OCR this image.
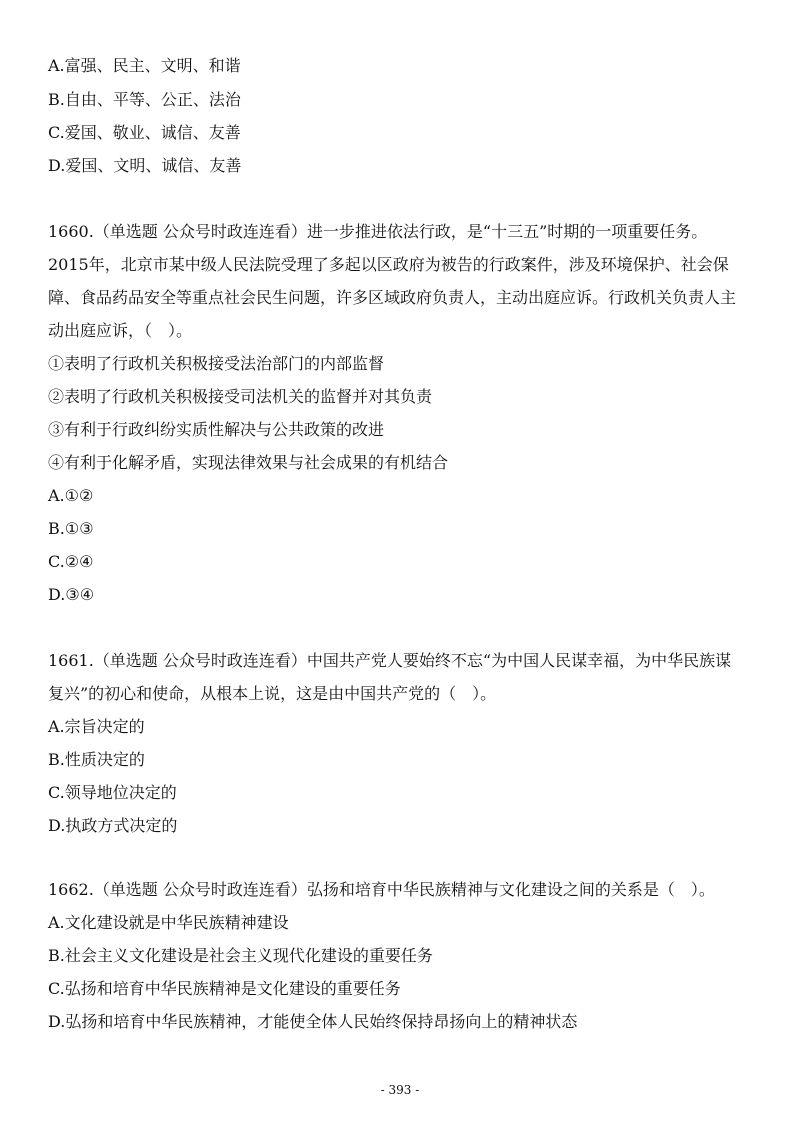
A.富强、民主、文明、和谐
B.自由、平等、公正、法治
C.爱国、敬业、诚信、友善
D.爱国、文明、诚信、友善
1660.（单选题 公众号时政连连看）进一步推进依法行政，是“十三五”时期的一项重要任务。
2015年，北京市某中级人民法院受理了多起以区政府为被告的行政案件，涉及环境保护、社会保
障、食品药品安全等重点社会民生问题，许多区域政府负责人，主动出庭应诉。行政机关负责人主
动出庭应诉，（　）。
①表明了行政机关积极接受法治部门的内部监督
②表明了行政机关积极接受司法机关的监督并对其负责
③有利于行政纠纷实质性解决与公共政策的改进
④有利于化解矛盾，实现法律效果与社会成果的有机结合
A.①②
B.①③
C.②④
D.③④
1661.（单选题 公众号时政连连看）中国共产党人要始终不忘“为中国人民谋幸福，为中华民族谋
复兴”的初心和使命，从根本上说，这是由中国共产党的（　）。
A.宗旨决定的
B.性质决定的
C.领导地位决定的
D.执政方式决定的
1662.（单选题 公众号时政连连看）弘扬和培育中华民族精神与文化建设之间的关系是（　）。
A.文化建设就是中华民族精神建设
B.社会主义文化建设是社会主义现代化建设的重要任务
C.弘扬和培育中华民族精神是文化建设的重要任务
D.弘扬和培育中华民族精神，才能使全体人民始终保持昂扬向上的精神状态
- 393 -
